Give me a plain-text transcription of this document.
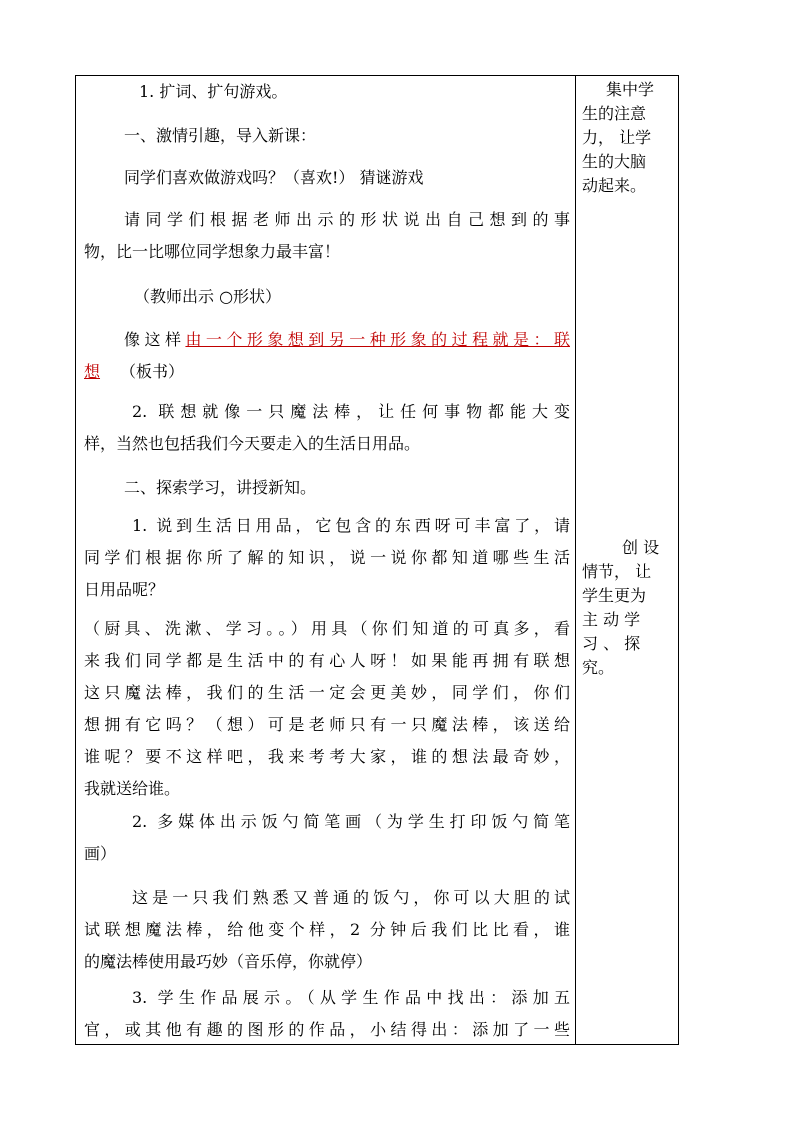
1. 扩词、扩句游戏。
一、激情引趣，导入新课：
同学们喜欢做游戏吗？（喜欢!） 猜谜游戏
请同学们根据老师出示的形状说出自己想到的事
物，比一比哪位同学想象力最丰富！
（教师出示 ○形状）
像这样由一个形象想到另一种形象的过程就是：联
想 （板书）
2. 联想就像一只魔法棒，让任何事物都能大变
样，当然也包括我们今天要走入的生活日用品。
二、探索学习，讲授新知。
1. 说到生活日用品，它包含的东西呀可丰富了，请
同学们根据你所了解的知识，说一说你都知道哪些生活
日用品呢？
（厨具、洗漱、学习。。）用具（你们知道的可真多，看
来我们同学都是生活中的有心人呀！如果能再拥有联想
这只魔法棒，我们的生活一定会更美妙，同学们，你们
想拥有它吗？（想）可是老师只有一只魔法棒，该送给
谁呢？要不这样吧，我来考考大家，谁的想法最奇妙，
我就送给谁。
2. 多媒体出示饭勺简笔画（为学生打印饭勺简笔
画）
这是一只我们熟悉又普通的饭勺，你可以大胆的试
试联想魔法棒，给他变个样，2 分钟后我们比比看，谁
的魔法棒使用最巧妙（音乐停，你就停）
3. 学生作品展示。（从学生作品中找出：添加五
官，或其他有趣的图形的作品，小结得出：添加了一些
集中学
生的注意
力， 让学
生的大脑
动起来。
创 设
情节， 让
学生更为
主 动 学
习 、 探
究。
